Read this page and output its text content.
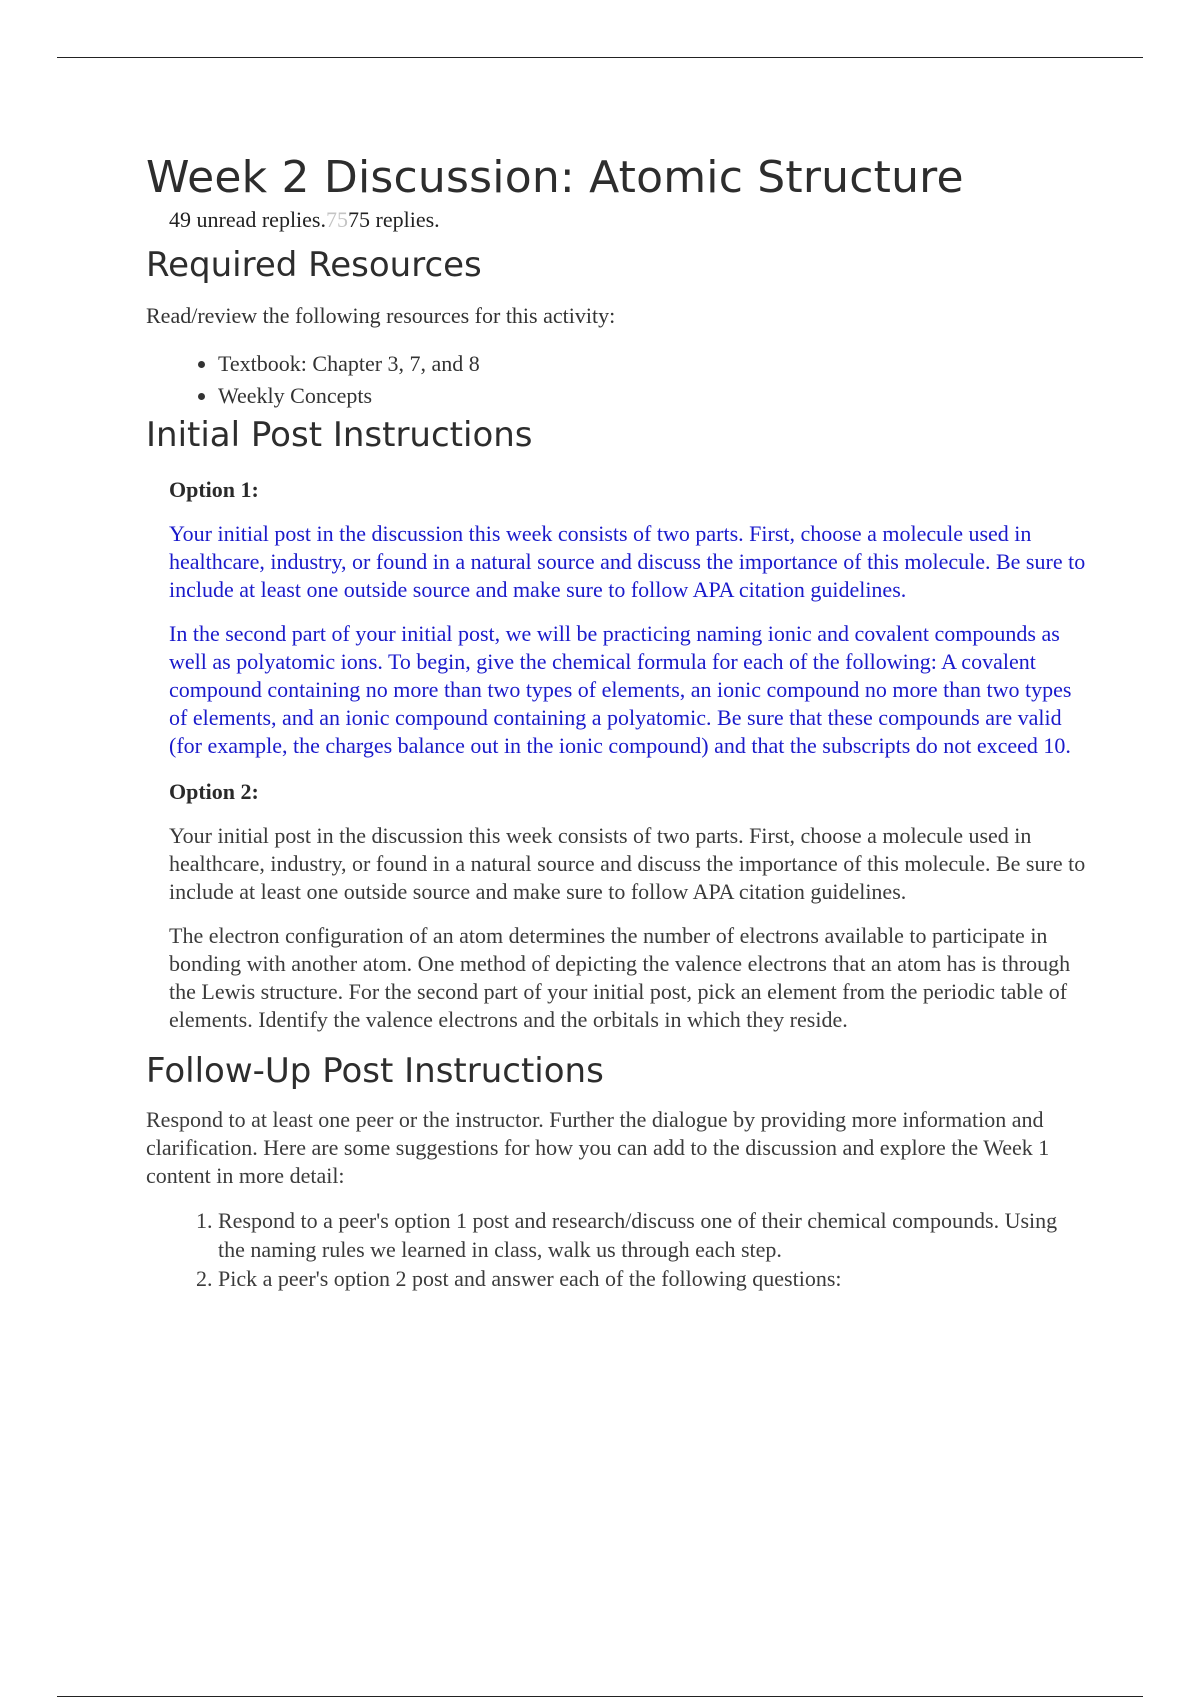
Week 2 Discussion: Atomic Structure
49 unread replies.7575 replies.
Required Resources

Read/review the following resources for this activity:

• Textbook: Chapter 3, 7, and 8
• Weekly Concepts
Initial Post Instructions

Option 1:

Your initial post in the discussion this week consists of two parts. First, choose a molecule used in healthcare, industry, or found in a natural source and discuss the importance of this molecule. Be sure to include at least one outside source and make sure to follow APA citation guidelines.

In the second part of your initial post, we will be practicing naming ionic and covalent compounds as well as polyatomic ions. To begin, give the chemical formula for each of the following: A covalent compound containing no more than two types of elements, an ionic compound no more than two types of elements, and an ionic compound containing a polyatomic. Be sure that these compounds are valid (for example, the charges balance out in the ionic compound) and that the subscripts do not exceed 10.

Option 2:

Your initial post in the discussion this week consists of two parts. First, choose a molecule used in healthcare, industry, or found in a natural source and discuss the importance of this molecule. Be sure to include at least one outside source and make sure to follow APA citation guidelines.

The electron configuration of an atom determines the number of electrons available to participate in bonding with another atom. One method of depicting the valence electrons that an atom has is through the Lewis structure. For the second part of your initial post, pick an element from the periodic table of elements. Identify the valence electrons and the orbitals in which they reside.

Follow-Up Post Instructions

Respond to at least one peer or the instructor. Further the dialogue by providing more information and clarification. Here are some suggestions for how you can add to the discussion and explore the Week 1 content in more detail:

1. Respond to a peer's option 1 post and research/discuss one of their chemical compounds. Using the naming rules we learned in class, walk us through each step.
2. Pick a peer's option 2 post and answer each of the following questions:
